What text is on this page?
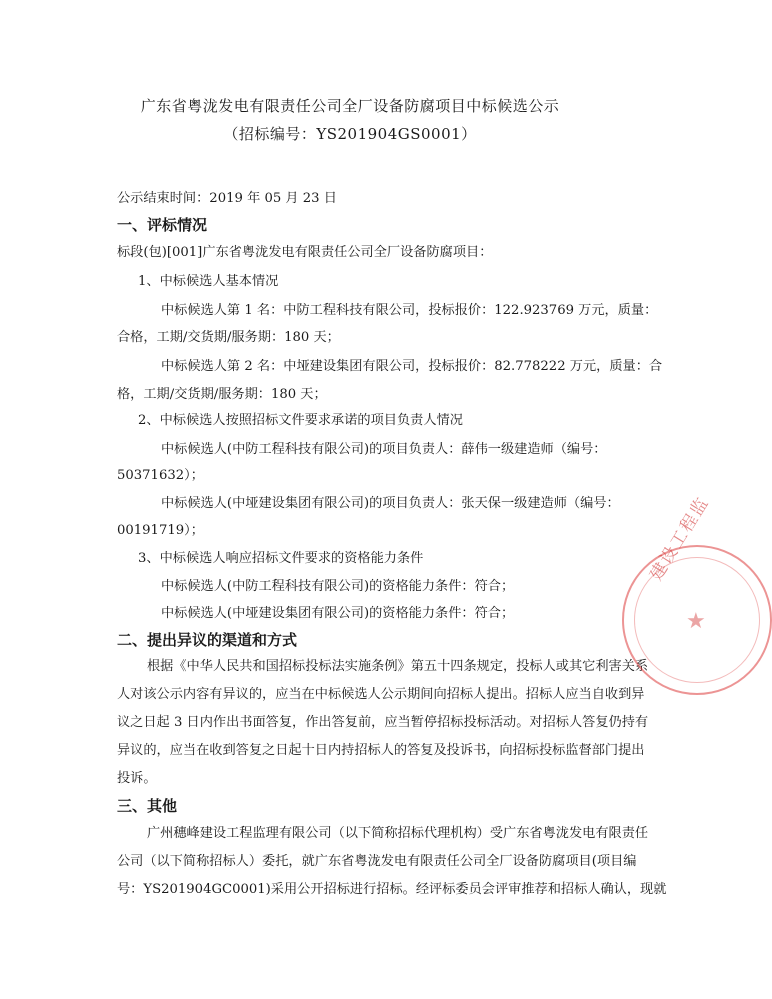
广东省粤泷发电有限责任公司全厂设备防腐项目中标候选公示
（招标编号：YS201904GS0001）
公示结束时间：2019 年 05 月 23 日
一、评标情况
标段(包)[001]广东省粤泷发电有限责任公司全厂设备防腐项目：
1、中标候选人基本情况
中标候选人第 1 名：中防工程科技有限公司，投标报价：122.923769 万元，质量：
合格，工期/交货期/服务期：180 天；
中标候选人第 2 名：中垭建设集团有限公司，投标报价：82.778222 万元，质量：合
格，工期/交货期/服务期：180 天；
2、中标候选人按照招标文件要求承诺的项目负责人情况
中标候选人(中防工程科技有限公司)的项目负责人：薛伟一级建造师（编号：
50371632）；
中标候选人(中垭建设集团有限公司)的项目负责人：张天保一级建造师（编号：
00191719）；
3、中标候选人响应招标文件要求的资格能力条件
中标候选人(中防工程科技有限公司)的资格能力条件：符合；
中标候选人(中垭建设集团有限公司)的资格能力条件：符合；
二、提出异议的渠道和方式
根据《中华人民共和国招标投标法实施条例》第五十四条规定，投标人或其它利害关系
人对该公示内容有异议的，应当在中标候选人公示期间向招标人提出。招标人应当自收到异
议之日起 3 日内作出书面答复，作出答复前，应当暂停招标投标活动。对招标人答复仍持有
异议的，应当在收到答复之日起十日内持招标人的答复及投诉书，向招标投标监督部门提出
投诉。
三、其他
广州穗峰建设工程监理有限公司（以下简称招标代理机构）受广东省粤泷发电有限责任
公司（以下简称招标人）委托，就广东省粤泷发电有限责任公司全厂设备防腐项目(项目编
号：YS201904GC0001)采用公开招标进行招标。经评标委员会评审推荐和招标人确认，现就
建设工程监
★
